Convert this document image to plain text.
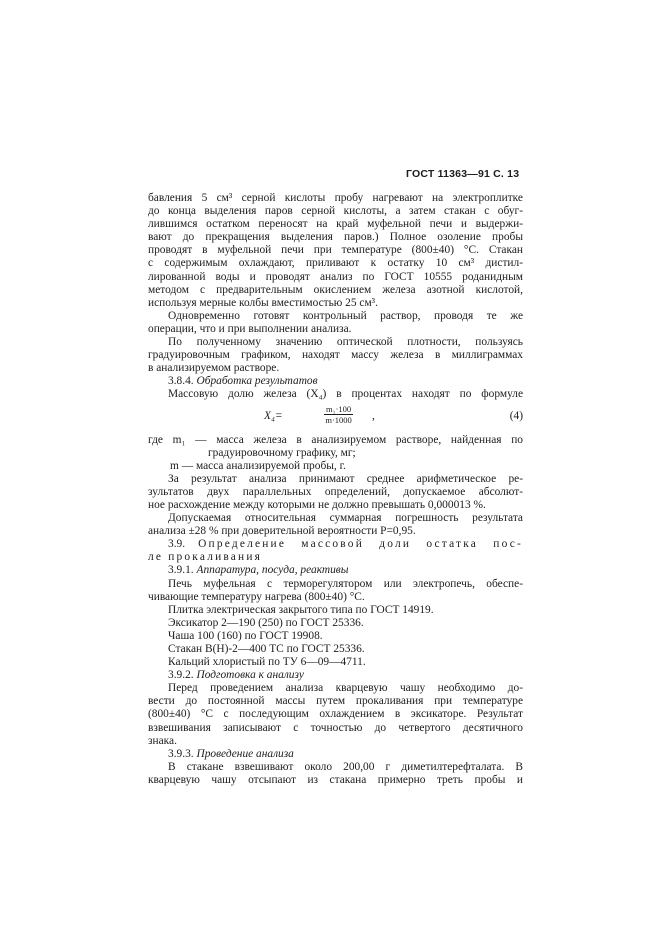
ГОСТ 11363—91 С. 13
бавления 5 см³ серной кислоты пробу нагревают на электроплитке
до конца выделения паров серной кислоты, а затем стакан с обуг-
лившимся остатком переносят на край муфельной печи и выдержи-
вают до прекращения выделения паров.) Полное озоление пробы
проводят в муфельной печи при температуре (800±40) °С. Стакан
с содержимым охлаждают, приливают к остатку 10 см³ дистил-
лированной воды и проводят анализ по ГОСТ 10555 роданидным
методом с предварительным окислением железа азотной кислотой,
используя мерные колбы вместимостью 25 см³.
Одновременно готовят контрольный раствор, проводя те же
операции, что и при выполнении анализа.
По полученному значению оптической плотности, пользуясь
градуировочным графиком, находят массу железа в миллиграммах
в анализируемом растворе.
3.8.4. Обработка результатов
Массовую долю железа (X₄) в процентах находят по формуле
X₄=	$\frac{\text{m₁·100}}{m\cdot 1000}$ ,	(4)
где m₁ — масса железа в анализируемом растворе, найденная по
градуировочному графику, мг;
m — масса анализируемой пробы, г.
За результат анализа принимают среднее арифметическое ре-
зультатов двух параллельных определений, допускаемое абсолют-
ное расхождение между которыми не должно превышать 0,000013 %.
Допускаемая относительная суммарная погрешность результата
анализа ±28 % при доверительной вероятности P=0,95.
3.9. Определение массовой доли остатка пос-
ле прокаливания
3.9.1. Аппаратура, посуда, реактивы
Печь муфельная с терморегулятором или электропечь, обеспе-
чивающие температуру нагрева (800±40) °С.
Плитка электрическая закрытого типа по ГОСТ 14919.
Эксикатор 2—190 (250) по ГОСТ 25336.
Чаша 100 (160) по ГОСТ 19908.
Стакан В(Н)-2—400 ТС по ГОСТ 25336.
Кальций хлористый по ТУ 6—09—4711.
3.9.2. Подготовка к анализу
Перед проведением анализа кварцевую чашу необходимо до-
вести до постоянной массы путем прокаливания при температуре
(800±40) °С с последующим охлаждением в эксикаторе. Результат
взвешивания записывают с точностью до четвертого десятичного
знака.
3.9.3. Проведение анализа
В стакане взвешивают около 200,00 г диметилтерефталата. В
кварцевую чашу отсыпают из стакана примерно треть пробы и
